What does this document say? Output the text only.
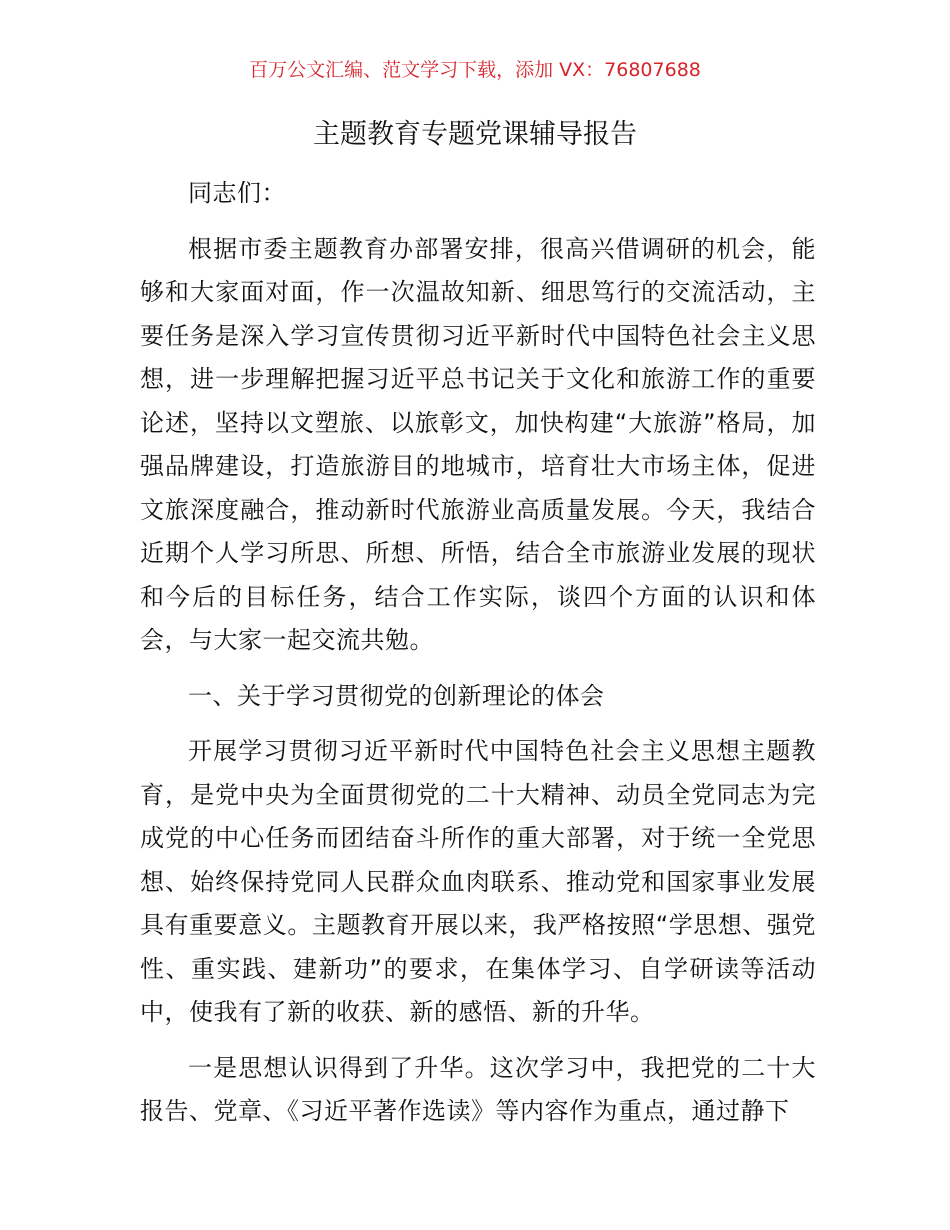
百万公文汇编、范文学习下载，添加 VX：76807688
主题教育专题党课辅导报告

同志们：

根据市委主题教育办部署安排，很高兴借调研的机会，能够和大家面对面，作一次温故知新、细思笃行的交流活动，主要任务是深入学习宣传贯彻习近平新时代中国特色社会主义思想，进一步理解把握习近平总书记关于文化和旅游工作的重要论述，坚持以文塑旅、以旅彰文，加快构建“大旅游”格局，加强品牌建设，打造旅游目的地城市，培育壮大市场主体，促进文旅深度融合，推动新时代旅游业高质量发展。今天，我结合近期个人学习所思、所想、所悟，结合全市旅游业发展的现状和今后的目标任务，结合工作实际，谈四个方面的认识和体会，与大家一起交流共勉。

一、关于学习贯彻党的创新理论的体会

开展学习贯彻习近平新时代中国特色社会主义思想主题教育，是党中央为全面贯彻党的二十大精神、动员全党同志为完成党的中心任务而团结奋斗所作的重大部署，对于统一全党思想、始终保持党同人民群众血肉联系、推动党和国家事业发展具有重要意义。主题教育开展以来，我严格按照“学思想、强党性、重实践、建新功”的要求，在集体学习、自学研读等活动中，使我有了新的收获、新的感悟、新的升华。

一是思想认识得到了升华。这次学习中，我把党的二十大报告、党章、《习近平著作选读》等内容作为重点，通过静下
